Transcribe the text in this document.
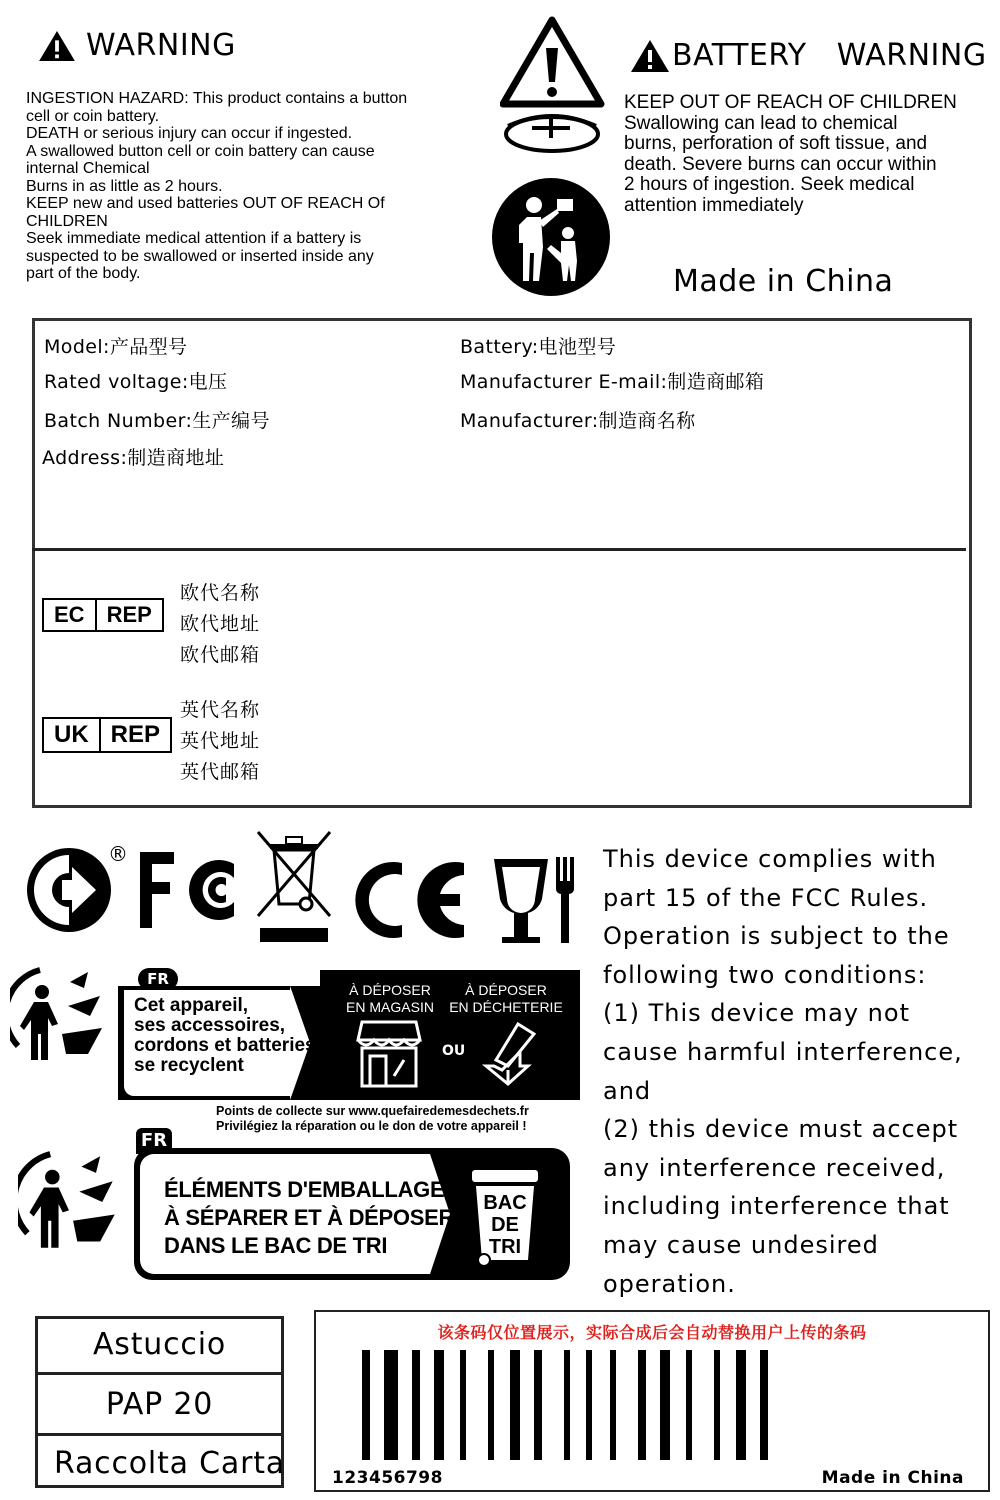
WARNING
INGESTION HAZARD: This product contains a button
cell or coin battery.
DEATH or serious injury can occur if ingested.
A swallowed button cell or coin battery can cause
internal Chemical
Burns in as little as 2 hours.
KEEP new and used batteries OUT OF REACH Of
CHILDREN
Seek immediate medical attention if a battery is
suspected to be swallowed or inserted inside any
part of the body.
BATTERY   WARNING
KEEP OUT OF REACH OF CHILDREN
Swallowing can lead to chemical
burns, perforation of soft tissue, and
death. Severe burns can occur within
2 hours of ingestion. Seek medical
attention immediately
Made in China
Model:产品型号	Battery:电池型号
Rated voltage:电压	Manufacturer E-mail:制造商邮箱
Batch Number:生产编号	Manufacturer:制造商名称
Address:制造商地址
EC	REP
欧代名称
欧代地址
欧代邮箱
UK REP
英代名称
英代地址
英代邮箱
®	This device complies with
part 15 of the FCC Rules.
Operation is subject to the
following two conditions:
(1) This device may not
cause harmful interference,
and
(2) this device must accept
any interference received,
including interference that
may cause undesired
operation.
FR
Cet appareil,
ses accessoires,
cordons et batteries
se recyclent
À DÉPOSER
EN MAGASIN
À DÉPOSER
EN DÉCHETERIE
OU
Points de collecte sur www.quefairedemesdechets.fr
Privilégiez la réparation ou le don de votre appareil !
FR
ÉLÉMENTS D'EMBALLAGE
À SÉPARER ET À DÉPOSER
DANS LE BAC DE TRI
BAC
DE
TRI
Astuccio
PAP 20
Raccolta Carta
该条码仅位置展示，实际合成后会自动替换用户上传的条码
123456798	Made in China
